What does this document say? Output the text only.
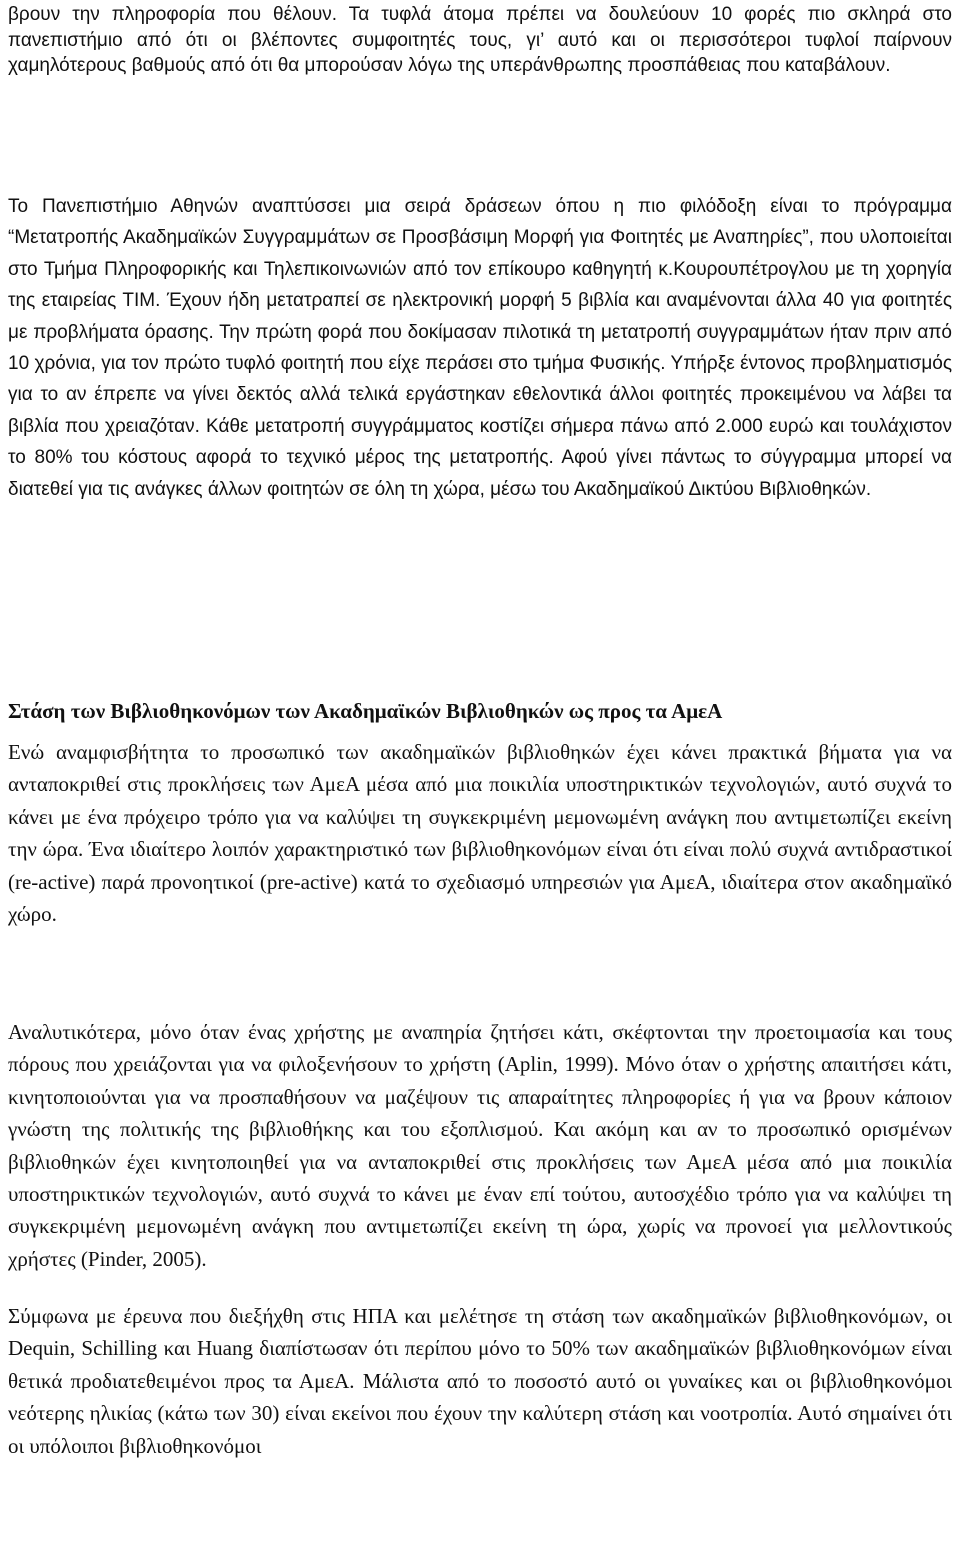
βρουν την πληροφορία που θέλουν. Τα τυφλά άτομα πρέπει να δουλεύουν 10 φορές πιο σκληρά στο πανεπιστήμιο από ότι οι βλέποντες συμφοιτητές τους, γι’ αυτό και οι περισσότεροι τυφλοί παίρνουν χαμηλότερους βαθμούς από ότι θα μπορούσαν λόγω της υπεράνθρωπης προσπάθειας που καταβάλουν.

Το Πανεπιστήμιο Αθηνών αναπτύσσει μια σειρά δράσεων όπου η πιο φιλόδοξη είναι το πρόγραμμα “Μετατροπής Ακαδημαϊκών Συγγραμμάτων σε Προσβάσιμη Μορφή για Φοιτητές με Αναπηρίες”, που υλοποιείται στο Τμήμα Πληροφορικής και Τηλεπικοινωνιών από τον επίκουρο καθηγητή κ.Κουρουπέτρογλου με τη χορηγία της εταιρείας ΤΙΜ. Έχουν ήδη μετατραπεί σε ηλεκτρονική μορφή 5 βιβλία και αναμένονται άλλα 40 για φοιτητές με προβλήματα όρασης. Την πρώτη φορά που δοκίμασαν πιλοτικά τη μετατροπή συγγραμμάτων ήταν πριν από 10 χρόνια, για τον πρώτο τυφλό φοιτητή που είχε περάσει στο τμήμα Φυσικής. Υπήρξε έντονος προβληματισμός για το αν έπρεπε να γίνει δεκτός αλλά τελικά εργάστηκαν εθελοντικά άλλοι φοιτητές προκειμένου να λάβει τα βιβλία που χρειαζόταν. Κάθε μετατροπή συγγράμματος κοστίζει σήμερα πάνω από 2.000 ευρώ και τουλάχιστον το 80% του κόστους αφορά το τεχνικό μέρος της μετατροπής. Αφού γίνει πάντως το σύγγραμμα μπορεί να διατεθεί για τις ανάγκες άλλων φοιτητών σε όλη τη χώρα, μέσω του Ακαδημαϊκού Δικτύου Βιβλιοθηκών.

Στάση των Βιβλιοθηκονόμων των Ακαδημαϊκών Βιβλιοθηκών ως προς τα ΑμεΑ

Ενώ αναμφισβήτητα το προσωπικό των ακαδημαϊκών βιβλιοθηκών έχει κάνει πρακτικά βήματα για να ανταποκριθεί στις προκλήσεις των ΑμεΑ μέσα από μια ποικιλία υποστηρικτικών τεχνολογιών, αυτό συχνά το κάνει με ένα πρόχειρο τρόπο για να καλύψει τη συγκεκριμένη μεμονωμένη ανάγκη που αντιμετωπίζει εκείνη την ώρα. Ένα ιδιαίτερο λοιπόν χαρακτηριστικό των βιβλιοθηκονόμων είναι ότι είναι πολύ συχνά αντιδραστικοί (re-active) παρά προνοητικοί (pre-active) κατά το σχεδιασμό υπηρεσιών για ΑμεΑ, ιδιαίτερα στον ακαδημαϊκό χώρο.

Αναλυτικότερα, μόνο όταν ένας χρήστης με αναπηρία ζητήσει κάτι, σκέφτονται την προετοιμασία και τους πόρους που χρειάζονται για να φιλοξενήσουν το χρήστη (Aplin, 1999). Μόνο όταν ο χρήστης απαιτήσει κάτι, κινητοποιούνται για να προσπαθήσουν να μαζέψουν τις απαραίτητες πληροφορίες ή για να βρουν κάποιον γνώστη της πολιτικής της βιβλιοθήκης και του εξοπλισμού. Και ακόμη και αν το προσωπικό ορισμένων βιβλιοθηκών έχει κινητοποιηθεί για να ανταποκριθεί στις προκλήσεις των ΑμεΑ μέσα από μια ποικιλία υποστηρικτικών τεχνολογιών, αυτό συχνά το κάνει με έναν επί τούτου, αυτοσχέδιο τρόπο για να καλύψει τη συγκεκριμένη μεμονωμένη ανάγκη που αντιμετωπίζει εκείνη τη ώρα, χωρίς να προνοεί για μελλοντικούς χρήστες (Pinder, 2005).

Σύμφωνα με έρευνα που διεξήχθη στις ΗΠΑ και μελέτησε τη στάση των ακαδημαϊκών βιβλιοθηκονόμων, οι Dequin, Schilling και Huang διαπίστωσαν ότι περίπου μόνο το 50% των ακαδημαϊκών βιβλιοθηκονόμων είναι θετικά προδιατεθειμένοι προς τα ΑμεΑ. Μάλιστα από το ποσοστό αυτό οι γυναίκες και οι βιβλιοθηκονόμοι νεότερης ηλικίας (κάτω των 30) είναι εκείνοι που έχουν την καλύτερη στάση και νοοτροπία. Αυτό σημαίνει ότι οι υπόλοιποι βιβλιοθηκονόμοι
